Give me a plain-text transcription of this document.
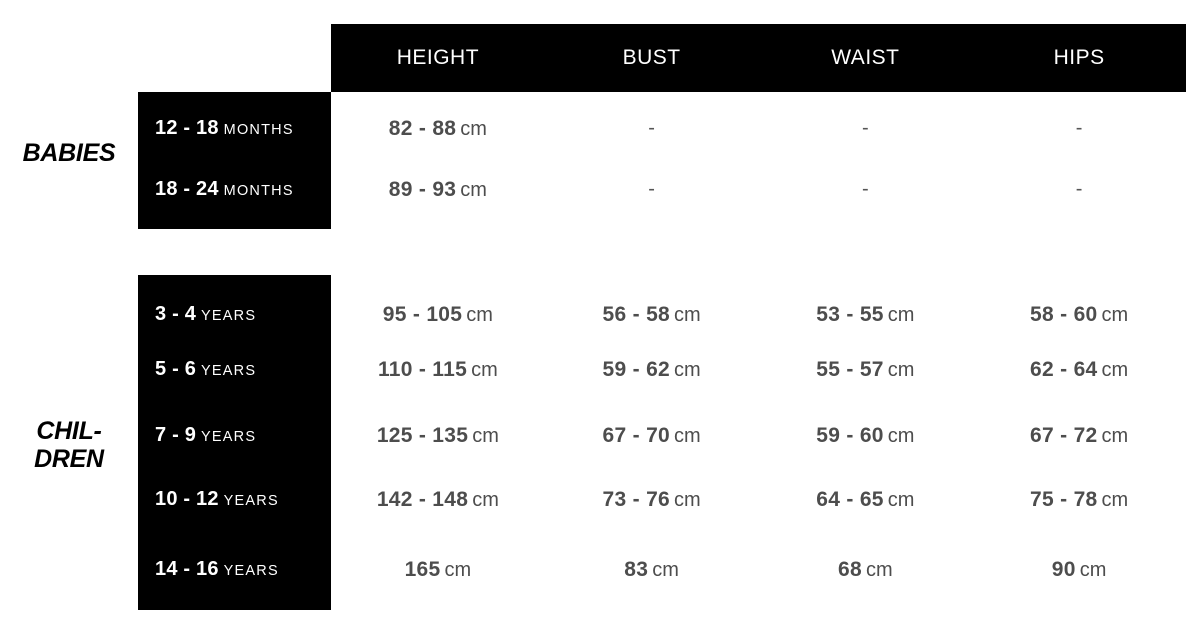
HEIGHT	BUST	WAIST	HIPS
BABIES
12 - 18 MONTHS	82 - 88 cm	-	-	-
18 - 24 MONTHS	89 - 93 cm	-	-	-
CHIL-
DREN
3 - 4 YEARS	95 - 105 cm	56 - 58 cm	53 - 55 cm	58 - 60 cm
5 - 6 YEARS	110 - 115 cm	59 - 62 cm	55 - 57 cm	62 - 64 cm
7 - 9 YEARS	125 - 135 cm	67 - 70 cm	59 - 60 cm	67 - 72 cm
10 - 12 YEARS	142 - 148 cm	73 - 76 cm	64 - 65 cm	75 - 78 cm
14 - 16 YEARS	165 cm	83 cm	68 cm	90 cm
